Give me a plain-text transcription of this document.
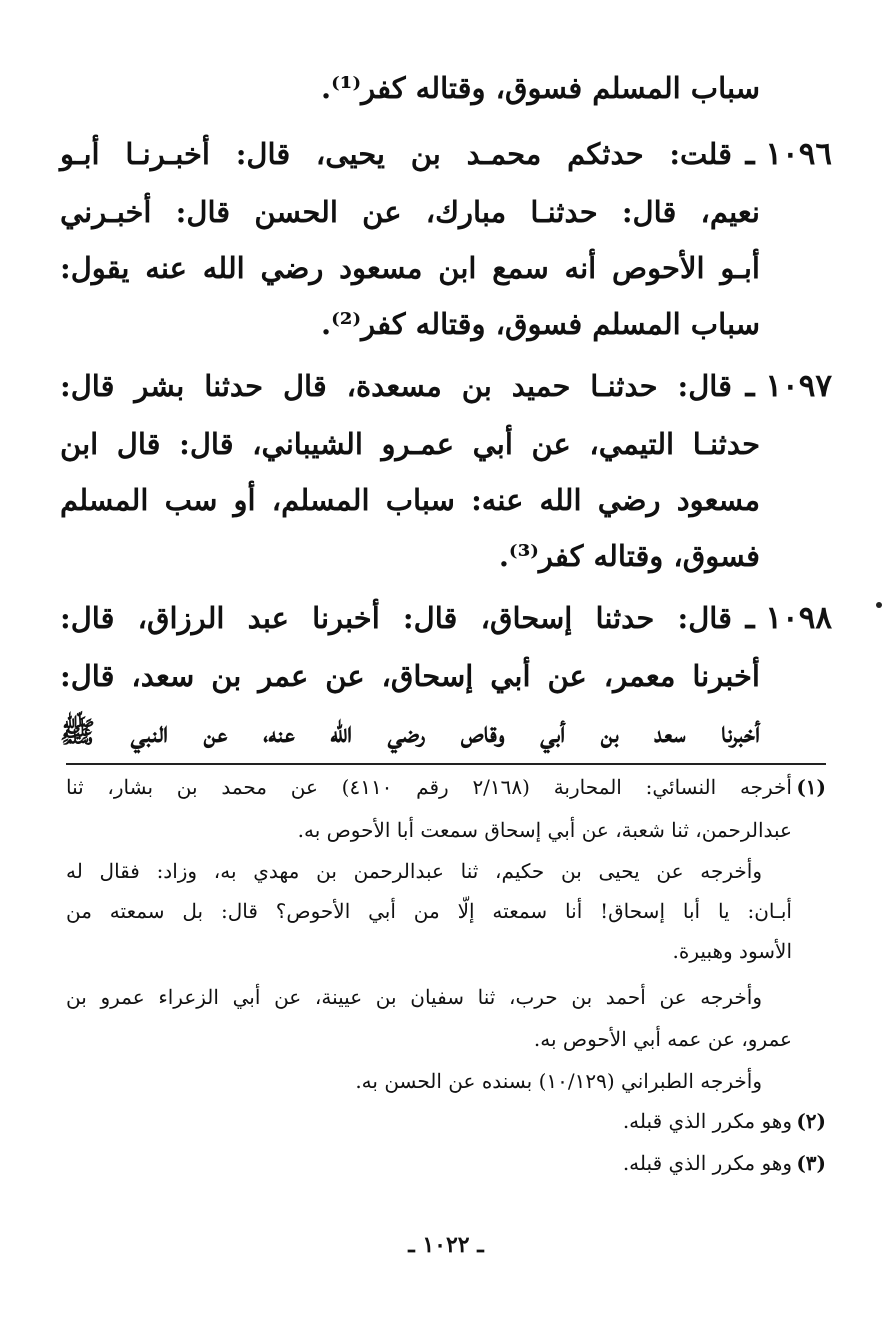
سباب المسلم فسوق، وقتاله كفر⁽¹⁾.
١٠٩٦ ـ
قلت: حدثكم محمـد بن يحيى، قال: أخبـرنـا أبـو
نعيم، قال: حدثنـا مبارك، عن الحسن قال: أخبـرني
أبـو الأحوص أنه سمع ابن مسعود رضي الله عنه يقول:
سباب المسلم فسوق، وقتاله كفر⁽²⁾.
١٠٩٧ ـ
قال: حدثنـا حميد بن مسعدة، قال حدثنا بشر قال:
حدثنـا التيمي، عن أبي عمـرو الشيباني، قال: قال ابن
مسعود رضي الله عنه: سباب المسلم، أو سب المسلم
فسوق، وقتاله كفر⁽³⁾.
١٠٩٨ ـ
قال: حدثنا إسحاق، قال: أخبرنا عبد الرزاق، قال:
أخبرنا معمر، عن أبي إسحاق، عن عمر بن سعد، قال:
أخبرنا سعد بن أبي وقاص رضي الله عنه، عن النبي ﷺ
(١)
أخرجه النسائي: المحاربة (٢/١٦٨ رقم ٤١١٠) عن محمد بن بشار، ثنا
عبدالرحمن، ثنا شعبة، عن أبي إسحاق سمعت أبا الأحوص به.
وأخرجه عن يحيى بن حكيم، ثنا عبدالرحمن بن مهدي به، وزاد: فقال له
أبـان: يا أبا إسحاق! أنا سمعته إلّا من أبي الأحوص؟ قال: بل سمعته من
الأسود وهبيرة.
وأخرجه عن أحمد بن حرب، ثنا سفيان بن عيينة، عن أبي الزعراء عمرو بن
عمرو، عن عمه أبي الأحوص به.
وأخرجه الطبراني (١٠/١٢٩) بسنده عن الحسن به.
(٢)
وهو مكرر الذي قبله.
(٣)
وهو مكرر الذي قبله.
ـ ١٠٢٢ ـ
